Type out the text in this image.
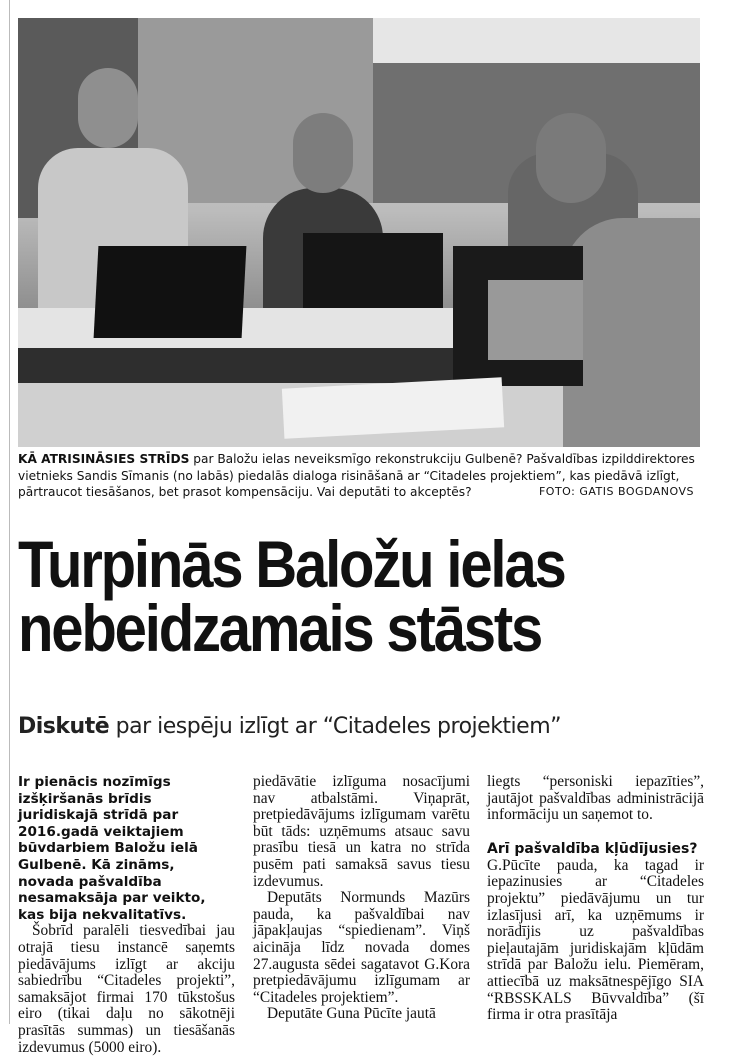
KĀ ATRISINĀSIES STRĪDS par Baložu ielas neveiksmīgo rekonstrukciju Gulbenē? Pašvaldības izpilddirektores vietnieks Sandis Sīmanis (no labās) piedalās dialoga risināšanā ar “Citadeles projektiem”, kas piedāvā izlīgt, pārtraucot tiesāšanos, bet prasot kompensāciju. Vai deputāti to akceptēs?	FOTO: GATIS BOGDANOVS
Turpinās Baložu ielas
nebeidzamais stāsts
Diskutē par iespēju izlīgt ar “Citadeles projektiem”

Ir pienācis nozīmīgs izšķiršanās brīdis juridiskajā strīdā par 2016.gadā veiktajiem būvdarbiem Baložu ielā Gulbenē. Kā zināms, novada pašvaldība nesamaksāja par veikto, kas bija nekvalitatīvs.

Šobrīd paralēli tiesvedībai jau otrajā tiesu instancē saņemts piedāvājums izlīgt ar akciju sabiedrību “Citadeles projekti”, samaksājot firmai 170 tūkstošus eiro (tikai daļu no sākotnēji prasītās summas) un tiesāšanās izdevumus (5000 eiro).

piedāvātie izlīguma nosacījumi nav atbalstāmi. Viņaprāt, pretpiedāvājums izlīgumam varētu būt tāds: uzņēmums atsauc savu prasību tiesā un katra no strīda pusēm pati samaksā savus tiesu izdevumus.

Deputāts Normunds Mazūrs pauda, ka pašvaldībai nav jāpakļaujas “spiedienam”. Viņš aicināja līdz novada domes 27.augusta sēdei sagatavot G.Kora pretpiedāvājumu izlīgumam ar “Citadeles projektiem”.

Deputāte Guna Pūcīte jautā

liegts “personiski iepazīties”, jautājot pašvaldības administrācijā informāciju un saņemot to.

Arī pašvaldība kļūdījusies?

G.Pūcīte pauda, ka tagad ir iepazinusies ar “Citadeles projektu” piedāvājumu un tur izlasījusi arī, ka uzņēmums ir norādījis uz pašvaldības pieļautajām juridiskajām kļūdām strīdā par Baložu ielu. Piemēram, attiecībā uz maksātnespējīgo SIA “RBSSKALS Būvvaldība” (šī firma ir otra prasītāja
